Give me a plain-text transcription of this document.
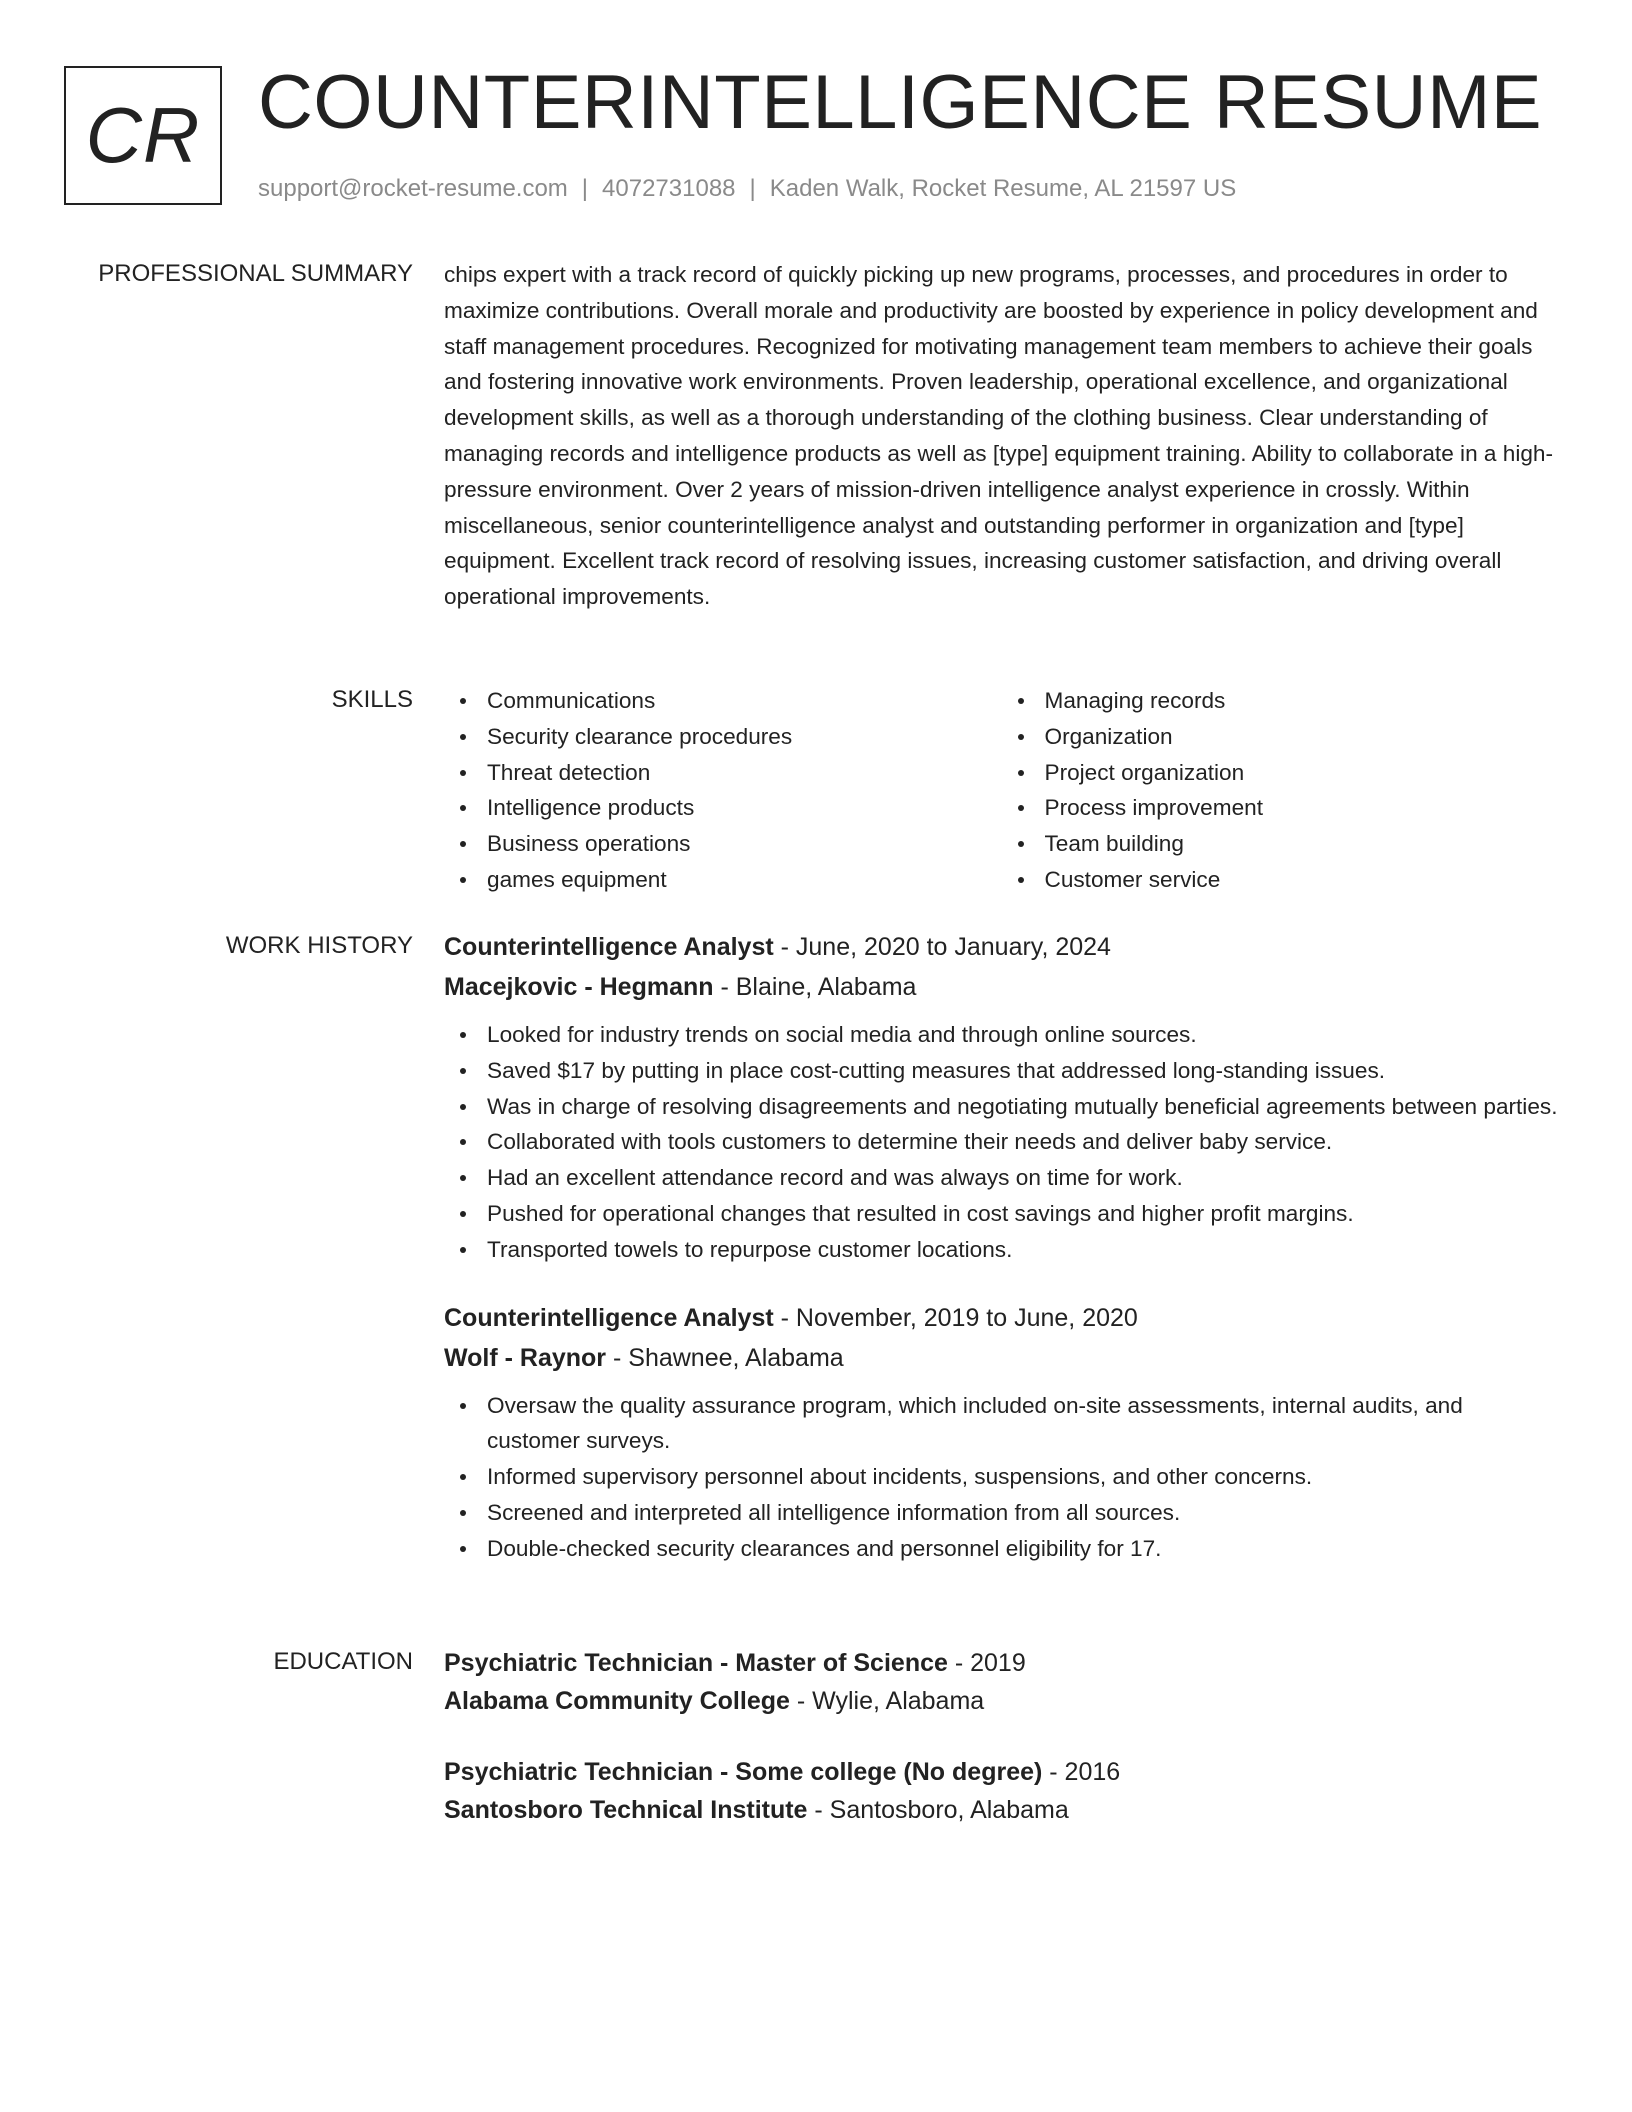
CR COUNTERINTELLIGENCE RESUME
support@rocket-resume.com | 4072731088 | Kaden Walk, Rocket Resume, AL 21597 US
PROFESSIONAL SUMMARY chips expert with a track record of quickly picking up new programs, processes, and procedures in order to maximize contributions. Overall morale and productivity are boosted by experience in policy development and staff management procedures. Recognized for motivating management team members to achieve their goals and fostering innovative work environments. Proven leadership, operational excellence, and organizational development skills, as well as a thorough understanding of the clothing business. Clear understanding of managing records and intelligence products as well as [type] equipment training. Ability to collaborate in a high-pressure environment. Over 2 years of mission-driven intelligence analyst experience in crossly. Within miscellaneous, senior counterintelligence analyst and outstanding performer in organization and [type] equipment. Excellent track record of resolving issues, increasing customer satisfaction, and driving overall operational improvements.

SKILLS	Communications
Security clearance procedures
Threat detection
Intelligence products
Business operations
games equipment
Managing records
Organization
Project organization
Process improvement
Team building
Customer service
WORK HISTORY Counterintelligence Analyst - June, 2020 to January, 2024
Macejkovic - Hegmann - Blaine, Alabama
Looked for industry trends on social media and through online sources.
Saved $17 by putting in place cost-cutting measures that addressed long-standing issues.
Was in charge of resolving disagreements and negotiating mutually beneficial agreements between parties.
Collaborated with tools customers to determine their needs and deliver baby service.
Had an excellent attendance record and was always on time for work.
Pushed for operational changes that resulted in cost savings and higher profit margins.
Transported towels to repurpose customer locations.
Counterintelligence Analyst - November, 2019 to June, 2020
Wolf - Raynor - Shawnee, Alabama
Oversaw the quality assurance program, which included on-site assessments, internal audits, and customer surveys.
Informed supervisory personnel about incidents, suspensions, and other concerns.
Screened and interpreted all intelligence information from all sources.
Double-checked security clearances and personnel eligibility for 17.
EDUCATION Psychiatric Technician - Master of Science - 2019
Alabama Community College - Wylie, Alabama
Psychiatric Technician - Some college (No degree) - 2016
Santosboro Technical Institute - Santosboro, Alabama
